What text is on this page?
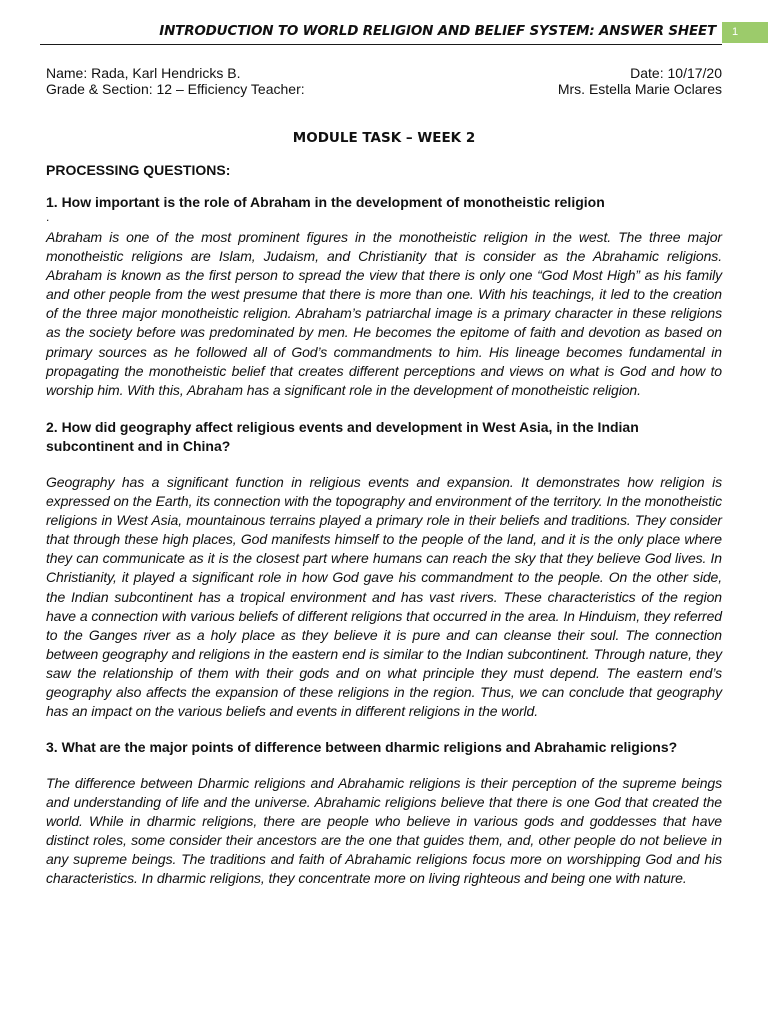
INTRODUCTION TO WORLD RELIGION AND BELIEF SYSTEM: ANSWER SHEET	1
Name: Rada, Karl Hendricks B.	Date: 10/17/20
Grade & Section: 12 – Efficiency Teacher:	Mrs. Estella Marie Oclares
MODULE TASK – WEEK 2
PROCESSING QUESTIONS:
1. How important is the role of Abraham in the development of monotheistic religion
.

Abraham is one of the most prominent figures in the monotheistic religion in the west. The three major monotheistic religions are Islam, Judaism, and Christianity that is consider as the Abrahamic religions. Abraham is known as the first person to spread the view that there is only one “God Most High” as his family and other people from the west presume that there is more than one. With his teachings, it led to the creation of the three major monotheistic religion. Abraham’s patriarchal image is a primary character in these religions as the society before was predominated by men. He becomes the epitome of faith and devotion as based on primary sources as he followed all of God’s commandments to him. His lineage becomes fundamental in propagating the monotheistic belief that creates different perceptions and views on what is God and how to worship him. With this, Abraham has a significant role in the development of monotheistic religion.

2. How did geography affect religious events and development in West Asia, in the Indian subcontinent and in China?

Geography has a significant function in religious events and expansion. It demonstrates how religion is expressed on the Earth, its connection with the topography and environment of the territory. In the monotheistic religions in West Asia, mountainous terrains played a primary role in their beliefs and traditions. They consider that through these high places, God manifests himself to the people of the land, and it is the only place where they can communicate as it is the closest part where humans can reach the sky that they believe God lives. In Christianity, it played a significant role in how God gave his commandment to the people. On the other side, the Indian subcontinent has a tropical environment and has vast rivers. These characteristics of the region have a connection with various beliefs of different religions that occurred in the area. In Hinduism, they referred to the Ganges river as a holy place as they believe it is pure and can cleanse their soul. The connection between geography and religions in the eastern end is similar to the Indian subcontinent. Through nature, they saw the relationship of them with their gods and on what principle they must depend. The eastern end’s geography also affects the expansion of these religions in the region. Thus, we can conclude that geography has an impact on the various beliefs and events in different religions in the world.

3. What are the major points of difference between dharmic religions and Abrahamic religions?

The difference between Dharmic religions and Abrahamic religions is their perception of the supreme beings and understanding of life and the universe. Abrahamic religions believe that there is one God that created the world. While in dharmic religions, there are people who believe in various gods and goddesses that have distinct roles, some consider their ancestors are the one that guides them, and, other people do not believe in any supreme beings. The traditions and faith of Abrahamic religions focus more on worshipping God and his characteristics. In dharmic religions, they concentrate more on living righteous and being one with nature.
